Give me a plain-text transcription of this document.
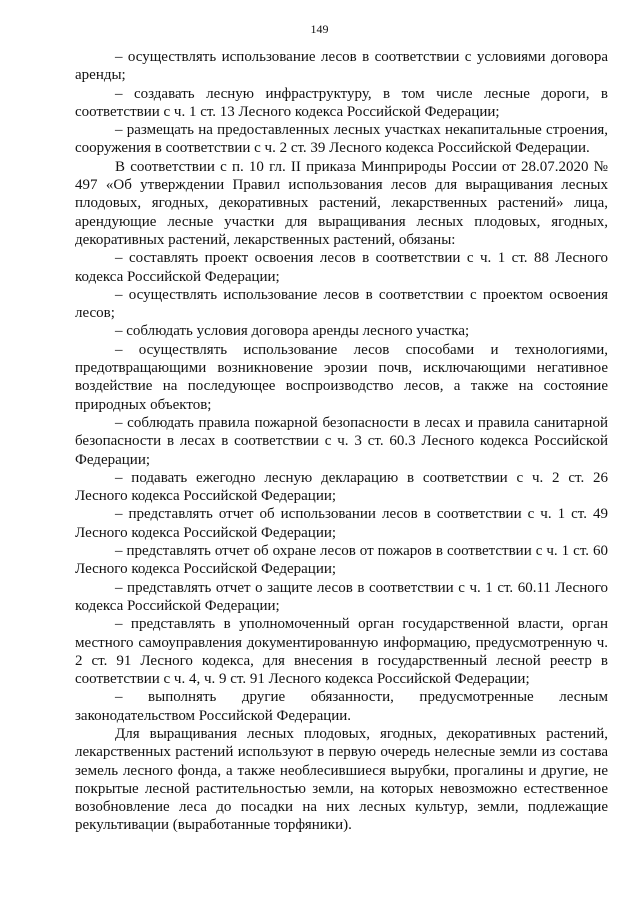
149

– осуществлять использование лесов в соответствии с условиями договора аренды;

– создавать лесную инфраструктуру, в том числе лесные дороги, в соответствии с ч. 1 ст. 13 Лесного кодекса Российской Федерации;

– размещать на предоставленных лесных участках некапитальные строения, сооружения в соответствии с ч. 2 ст. 39 Лесного кодекса Российской Федерации.

В соответствии с п. 10 гл. II приказа Минприроды России от 28.07.2020 № 497 «Об утверждении Правил использования лесов для выращивания лесных плодовых, ягодных, декоративных растений, лекарственных растений» лица, арендующие лесные участки для выращивания лесных плодовых, ягодных, декоративных растений, лекарственных растений, обязаны:

– составлять проект освоения лесов в соответствии с ч. 1 ст. 88 Лесного кодекса Российской Федерации;

– осуществлять использование лесов в соответствии с проектом освоения лесов;

– соблюдать условия договора аренды лесного участка;

– осуществлять использование лесов способами и технологиями, предотвращающими возникновение эрозии почв, исключающими негативное воздействие на последующее воспроизводство лесов, а также на состояние природных объектов;

– соблюдать правила пожарной безопасности в лесах и правила санитарной безопасности в лесах в соответствии с ч. 3 ст. 60.3 Лесного кодекса Российской Федерации;

– подавать ежегодно лесную декларацию в соответствии с ч. 2 ст. 26 Лесного кодекса Российской Федерации;

– представлять отчет об использовании лесов в соответствии с ч. 1 ст. 49 Лесного кодекса Российской Федерации;

– представлять отчет об охране лесов от пожаров в соответствии с ч. 1 ст. 60 Лесного кодекса Российской Федерации;

– представлять отчет о защите лесов в соответствии с ч. 1 ст. 60.11 Лесного кодекса Российской Федерации;

– представлять в уполномоченный орган государственной власти, орган местного самоуправления документированную информацию, предусмотренную ч. 2 ст. 91 Лесного кодекса, для внесения в государственный лесной реестр в соответствии с ч. 4, ч. 9 ст. 91 Лесного кодекса Российской Федерации;

– выполнять другие обязанности, предусмотренные лесным законодательством Российской Федерации.

Для выращивания лесных плодовых, ягодных, декоративных растений, лекарственных растений используют в первую очередь нелесные земли из состава земель лесного фонда, а также необлесившиеся вырубки, прогалины и другие, не покрытые лесной растительностью земли, на которых невозможно естественное возобновление леса до посадки на них лесных культур, земли, подлежащие рекультивации (выработанные торфяники).
